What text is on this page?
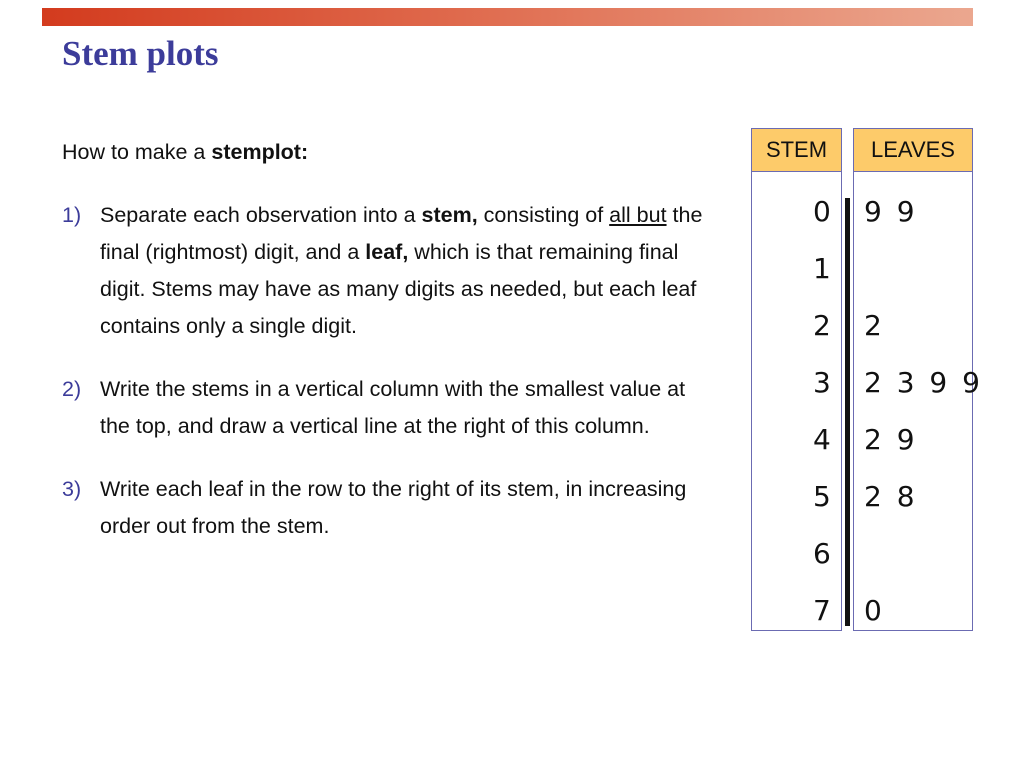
Stem plots

How to make a stemplot:

1) Separate each observation into a stem, consisting of all but the final (rightmost) digit, and a leaf, which is that remaining final digit. Stems may have as many digits as needed, but each leaf contains only a single digit.
2) Write the stems in a vertical column with the smallest value at the top, and draw a vertical line at the right of this column.
3) Write each leaf in the row to the right of its stem, in increasing order out from the stem.
STEM	LEAVES
0 9 9
1
2 2
3 2 3 9 9
4 2 9
5 2 8
6
7 0
